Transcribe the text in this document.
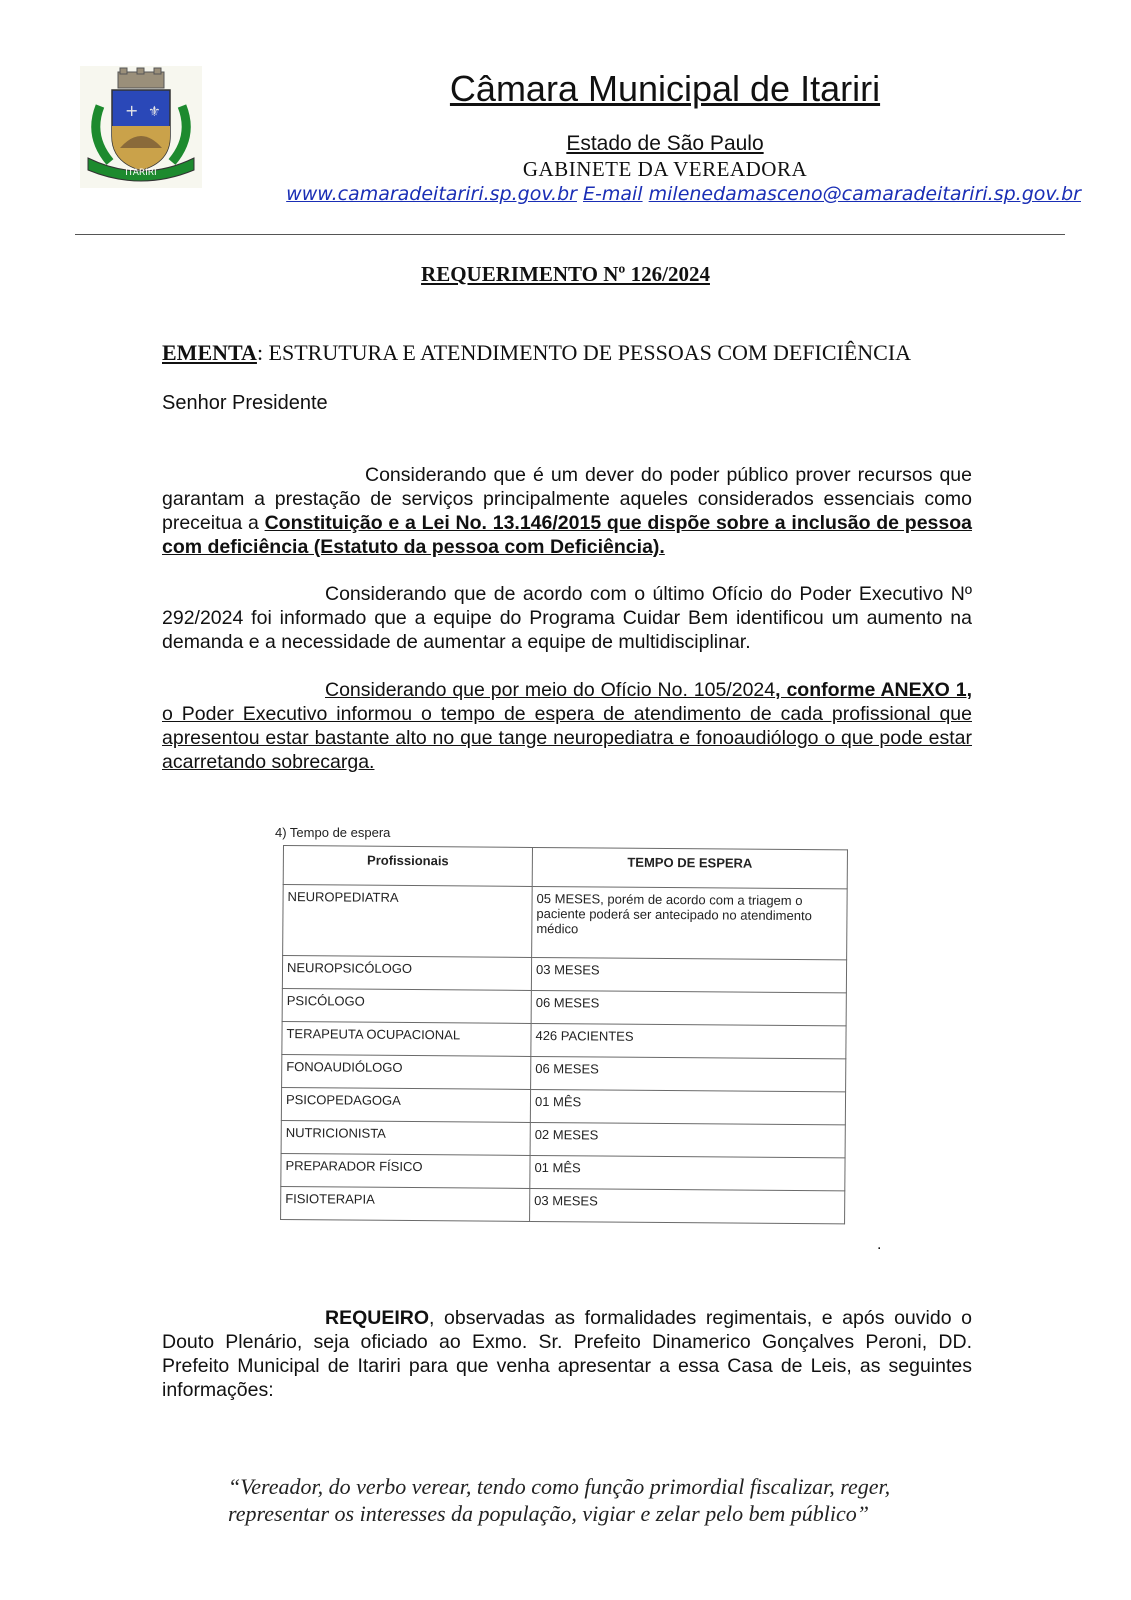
+ ⚜
ITARIRI
Câmara Municipal de Itariri
Estado de São Paulo
GABINETE DA VEREADORA
www.camaradeitariri.sp.gov.br E-mail milenedamasceno@camaradeitariri.sp.gov.br
REQUERIMENTO Nº 126/2024
EMENTA: ESTRUTURA E ATENDIMENTO DE PESSOAS COM DEFICIÊNCIA
Senhor Presidente
Considerando que é um dever do poder público prover recursos que garantam a prestação de serviços principalmente aqueles considerados essenciais como preceitua a Constituição e a Lei No. 13.146/2015 que dispõe sobre a inclusão de pessoa com deficiência (Estatuto da pessoa com Deficiência).
Considerando que de acordo com o último Ofício do Poder Executivo Nº 292/2024 foi informado que a equipe do Programa Cuidar Bem identificou um aumento na demanda e a necessidade de aumentar a equipe de multidisciplinar.
Considerando que por meio do Ofício No. 105/2024, conforme ANEXO 1, o Poder Executivo informou o tempo de espera de atendimento de cada profissional que apresentou estar bastante alto no que tange neuropediatra e fonoaudiólogo o que pode estar acarretando sobrecarga.
4) Tempo de espera
Profissionais	TEMPO DE ESPERA
NEUROPEDIATRA	05 MESES, porém de acordo com a triagem o paciente poderá ser antecipado no atendimento médico
NEUROPSICÓLOGO	03 MESES
PSICÓLOGO	06 MESES
TERAPEUTA OCUPACIONAL	426 PACIENTES
FONOAUDIÓLOGO	06 MESES
PSICOPEDAGOGA	01 MÊS
NUTRICIONISTA	02 MESES
PREPARADOR FÍSICO	01 MÊS
FISIOTERAPIA	03 MESES
.
REQUEIRO, observadas as formalidades regimentais, e após ouvido o Douto Plenário, seja oficiado ao Exmo. Sr. Prefeito Dinamerico Gonçalves Peroni, DD. Prefeito Municipal de Itariri para que venha apresentar a essa Casa de Leis, as seguintes informações:
“Vereador, do verbo verear, tendo como função primordial fiscalizar, reger, representar os interesses da população, vigiar e zelar pelo bem público”
